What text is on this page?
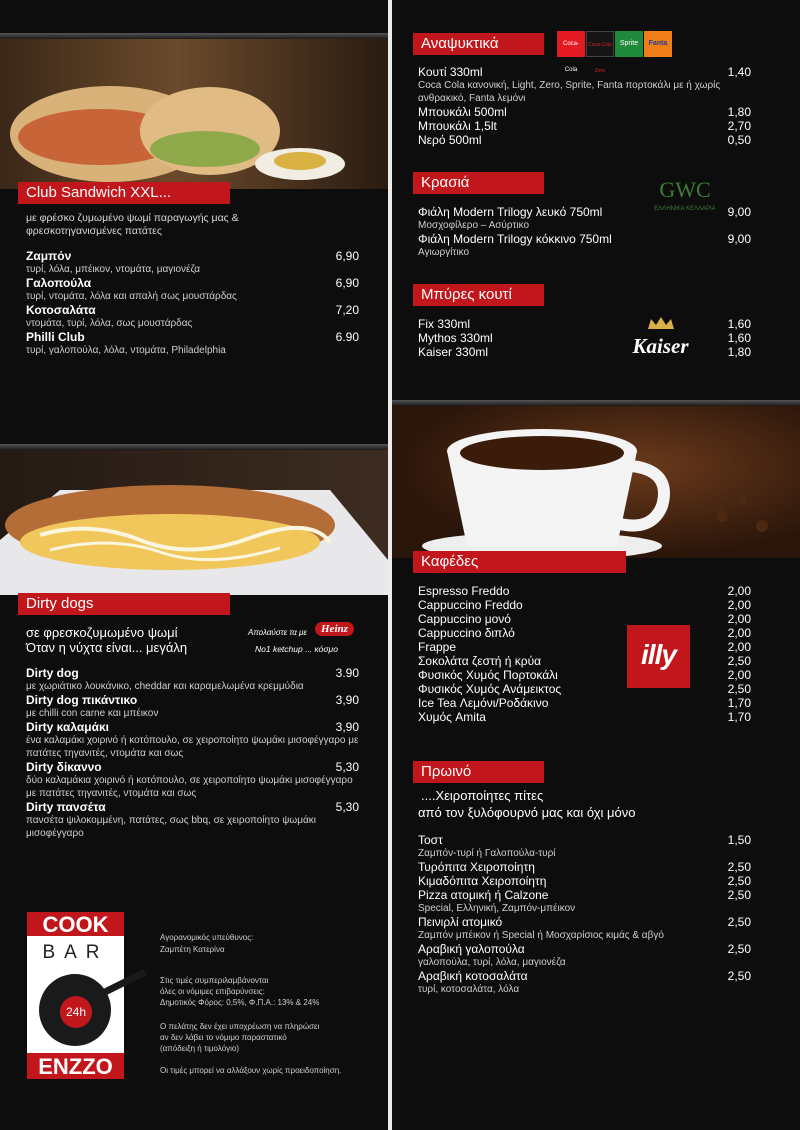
Club Sandwich XXL...
με φρέσκο ζυμωμένο ψωμί παραγωγής μας & φρεσκοτηγανισμένες πατάτες
Ζαμπόν	6,90
τυρί, λόλα, μπέικον, ντομάτα, μαγιονέζα
Γαλοπούλα	6,90
τυρί, ντομάτα, λόλα και απαλή σως μουστάρδας
Κοτοσαλάτα	7,20
ντομάτα, τυρί, λόλα, σως μουστάρδας
Philli Club	6.90
τυρί, γαλοπούλα, λόλα, ντομάτα, Philadelphia
Dirty dogs
σε φρεσκοζυμωμένο ψωμί
Όταν η νύχτα είναι... μεγάλη
Απολαύστε τα με	Heinz
No1 ketchup ... κόσμο
Dirty dog	3.90
με χωριάτικο λουκάνικο, cheddar και καραμελωμένα κρεμμύδια
Dirty dog πικάντικο	3,90
με chilli con carne και μπέικον
Dirty καλαμάκι	3,90
ένα καλαμάκι χοιρινό ή κοτόπουλο, σε χειροποίητο ψωμάκι μισοφέγγαρο με πατάτες τηγανιτές, ντομάτα και σως
Dirty δίκαννο	5,30
δύο καλαμάκια χοιρινό ή κοτόπουλο, σε χειροποίητο ψωμάκι μισοφέγγαρο με πατάτες τηγανιτές, ντομάτα και σως
Dirty πανσέτα	5,30
πανσέτα ψιλοκομμένη, πατάτες, σως bbq, σε χειροποίητο ψωμάκι μισοφέγγαρο
COOK
BAR
24h
ENZZO
Αγορανομικός υπεύθυνος:
Ζαμπέτη Κατερίνα
Στις τιμές συμπεριλαμβάνονται
όλες οι νόμιμες επιβαρύνσεις:
Δημοτικός Φόρος: 0,5%, Φ.Π.Α.: 13% & 24%
Ο πελάτης δεν έχει υποχρέωση να πληρώσει
αν δεν λάβει το νόμιμο παραστατικό
(απόδειξη ή τιμολόγιο)
Οι τιμές μπορεί να αλλάξουν χωρίς προειδοποίηση.
Αναψυκτικά	Coca-Cola
Coca-Cola Zero
Sprite	Fanta
Κουτί 330ml	1,40
Coca Cola κανονική, Light, Zero, Sprite, Fanta πορτοκάλι με ή χωρίς ανθρακικό, Fanta λεμόνι
Μπουκάλι 500ml	1,80
Μπουκάλι 1,5lt	2,70
Νερό 500ml	0,50
Κρασιά	GWC
ΕΛΛΗΝΙΚΑ ΚΕΛΛΑΡΙΑ
Φιάλη Modern Trilogy λευκό 750ml	9,00
Μοσχοφίλερο – Ασύρτικο
Φιάλη Modern Trilogy κόκκινο 750ml	9,00
Αγιωργίτικο
Μπύρες κουτί
Kaiser
Fix 330ml	1,60
Mythos 330ml	1,60
Kaiser 330ml	1,80
Καφέδες
illy
Espresso Freddo	2,00
Cappuccino Freddo	2,00
Cappuccino μονό	2,00
Cappuccino διπλό	2,00
Frappe	2,00
Σοκολάτα ζεστή ή κρύα	2,50
Φυσικός Χυμός Πορτοκάλι	2,00
Φυσικός Χυμός Ανάμεικτος	2,50
Ice Tea Λεμόνι/Ροδάκινο	1,70
Χυμός Amita	1,70
Πρωινό
....Χειροποίητες πίτες
από τον ξυλόφουρνό μας και όχι μόνο
Τοστ	1,50
Ζαμπόν-τυρί ή Γαλοπούλα-τυρί
Τυρόπιτα Χειροποίητη	2,50
Κιμαδόπιτα Χειροποίητη	2,50
Pizza ατομική ή Calzone	2,50
Special, Ελληνική, Ζαμπόν-μπέικον
Πεινιρλί ατομικό	2,50
Ζαμπόν μπέικον ή Special ή Μοσχαρίσιος κιμάς & αβγό
Αραβική γαλοπούλα	2,50
γαλοπούλα, τυρί, λόλα, μαγιονέζα
Αραβική κοτοσαλάτα	2,50
τυρί, κοτοσαλάτα, λόλα
